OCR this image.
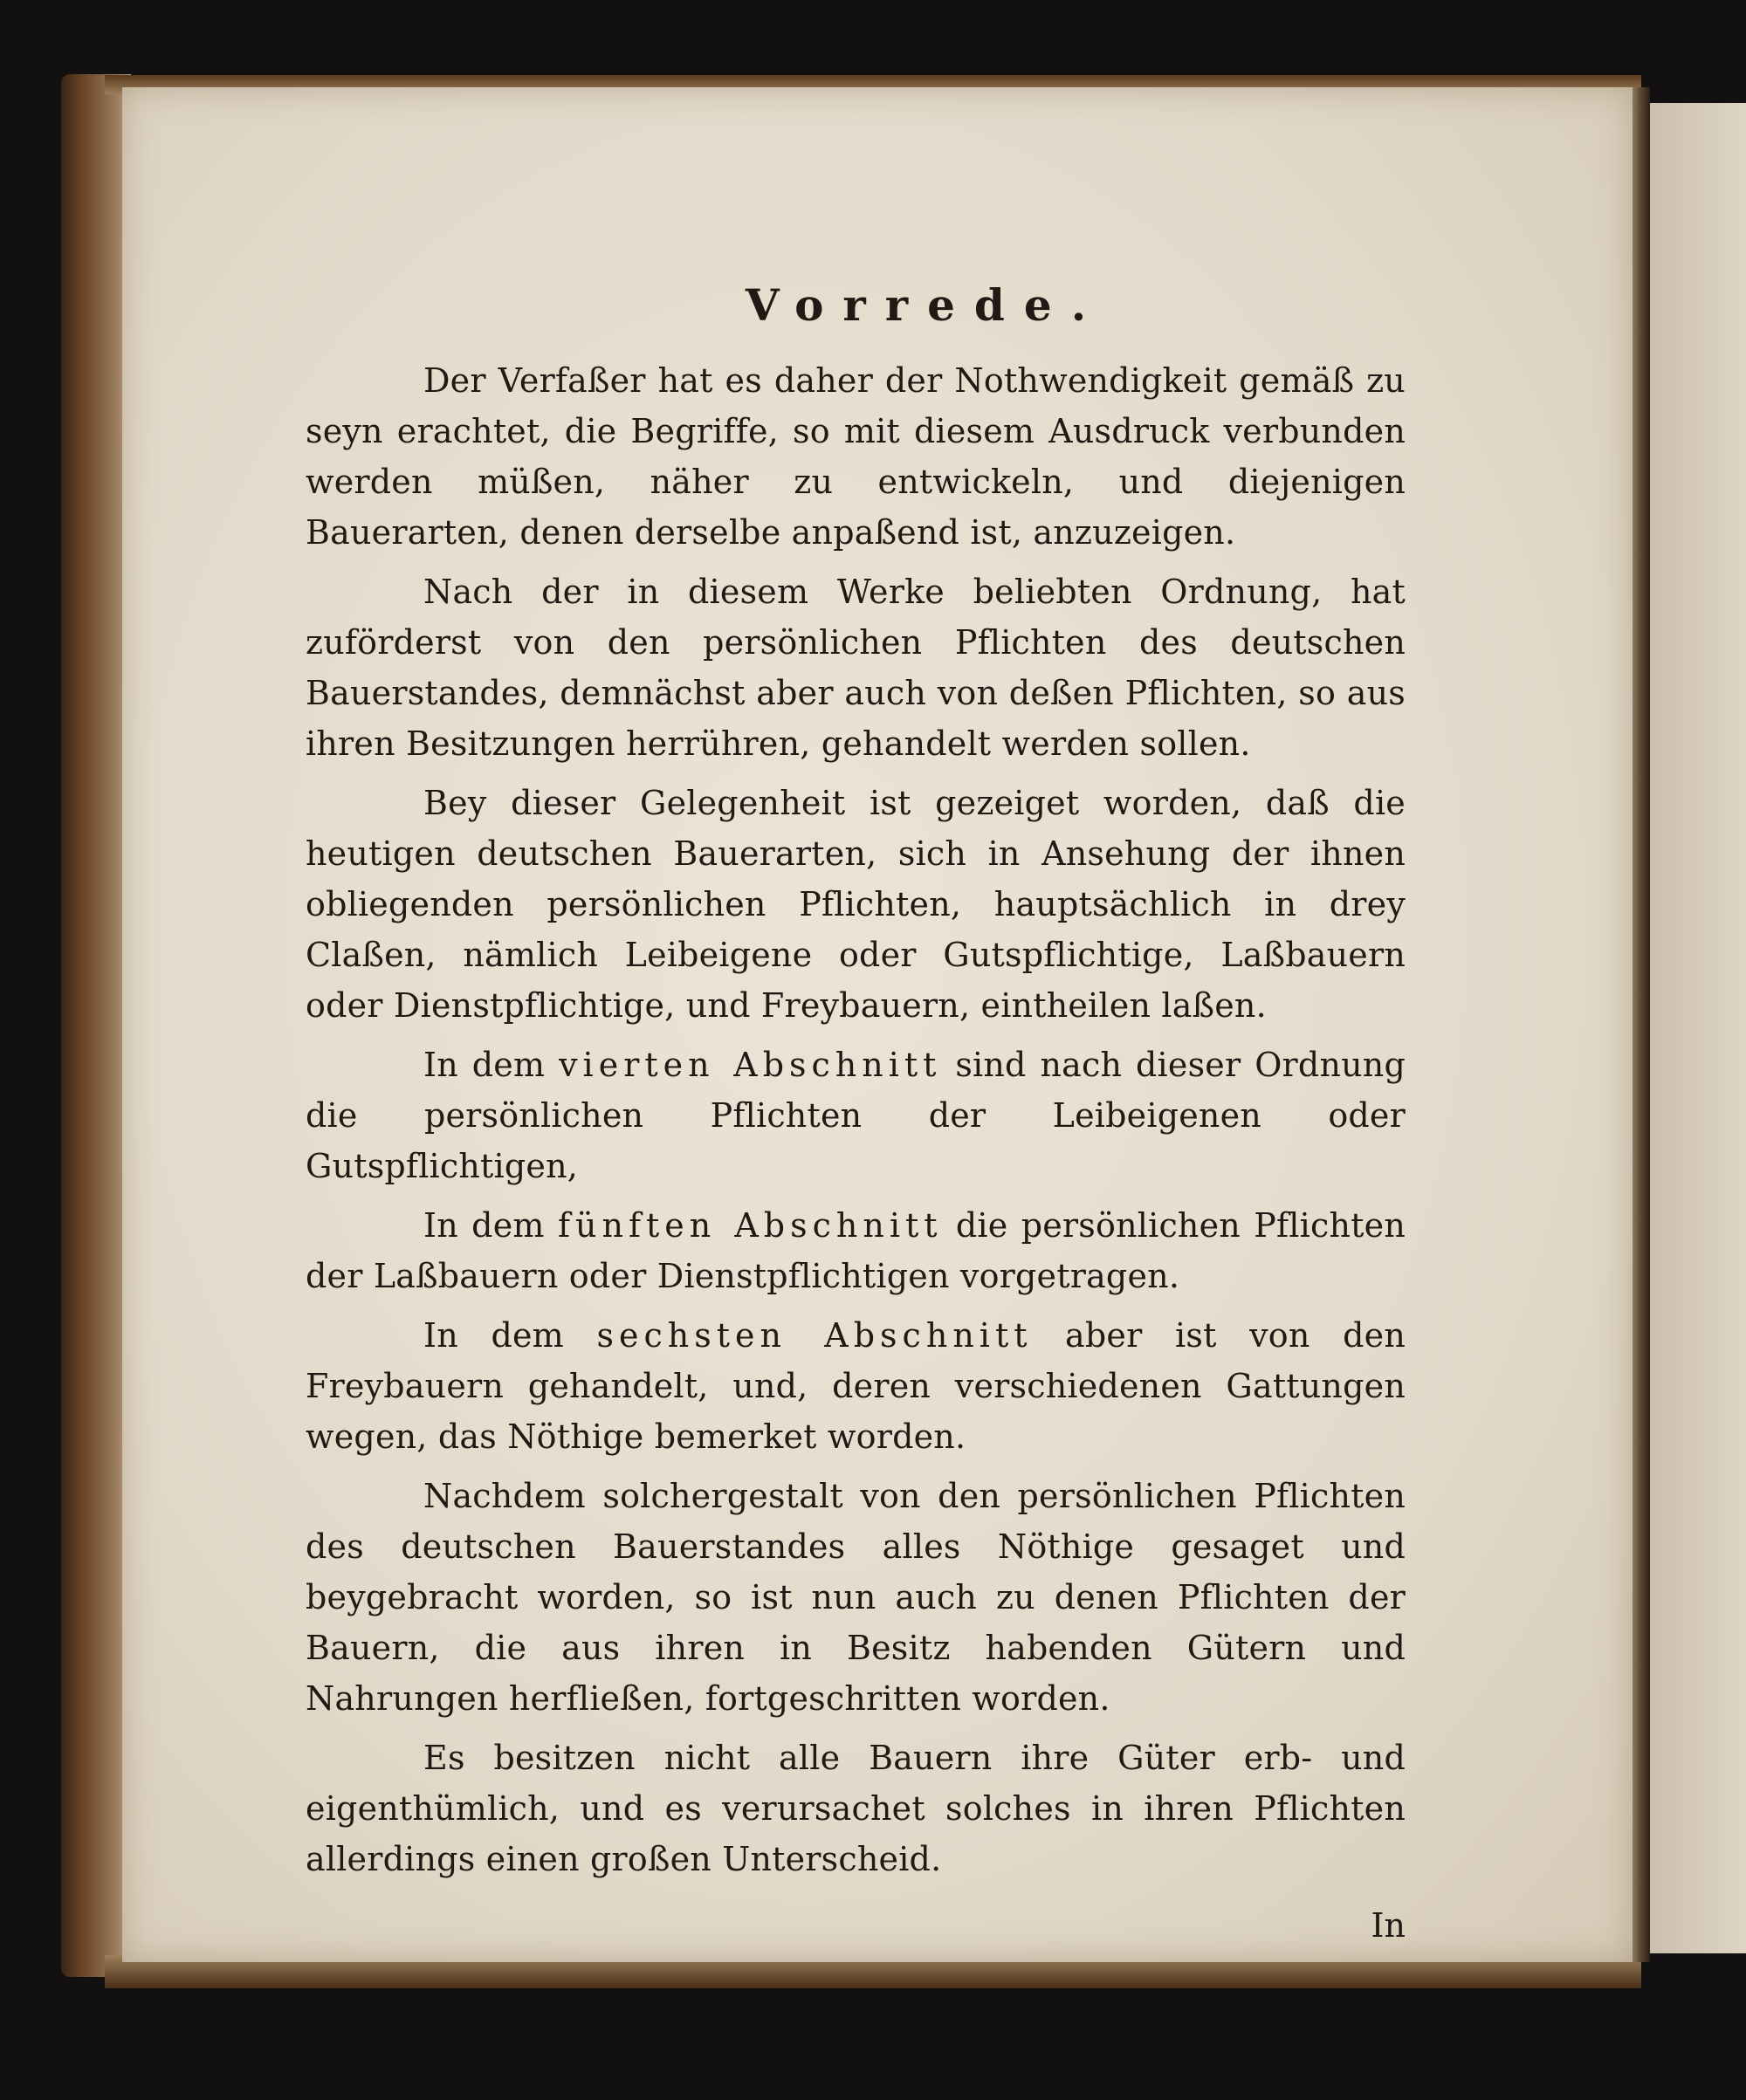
Vorrede.

Der Verfaßer hat es daher der Nothwendigkeit gemäß zu seyn erachtet, die Begriffe, so mit diesem Ausdruck verbunden werden müßen, näher zu entwickeln, und diejenigen Bauerarten, denen derselbe anpaßend ist, anzuzeigen.

Nach der in diesem Werke beliebten Ordnung, hat zuförderst von den persönlichen Pflichten des deutschen Bauerstandes, demnächst aber auch von deßen Pflichten, so aus ihren Besitzungen herrühren, gehandelt werden sollen.

Bey dieser Gelegenheit ist gezeiget worden, daß die heutigen deutschen Bauerarten, sich in Ansehung der ihnen obliegenden persönlichen Pflichten, hauptsächlich in drey Claßen, nämlich Leibeigene oder Gutspflichtige, Laßbauern oder Dienstpflichtige, und Freybauern, eintheilen laßen.

In dem vierten Abschnitt sind nach dieser Ordnung die persönlichen Pflichten der Leibeigenen oder Gutspflichtigen,

In dem fünften Abschnitt die persönlichen Pflichten der Laßbauern oder Dienstpflichtigen vorgetragen.

In dem sechsten Abschnitt aber ist von den Freybauern gehandelt, und, deren verschiedenen Gattungen wegen, das Nöthige bemerket worden.

Nachdem solchergestalt von den persönlichen Pflichten des deutschen Bauerstandes alles Nöthige gesaget und beygebracht worden, so ist nun auch zu denen Pflichten der Bauern, die aus ihren in Besitz habenden Gütern und Nahrungen herfließen, fortgeschritten worden.

Es besitzen nicht alle Bauern ihre Güter erb- und eigenthümlich, und es verursachet solches in ihren Pflichten allerdings einen großen Unterscheid.

In
